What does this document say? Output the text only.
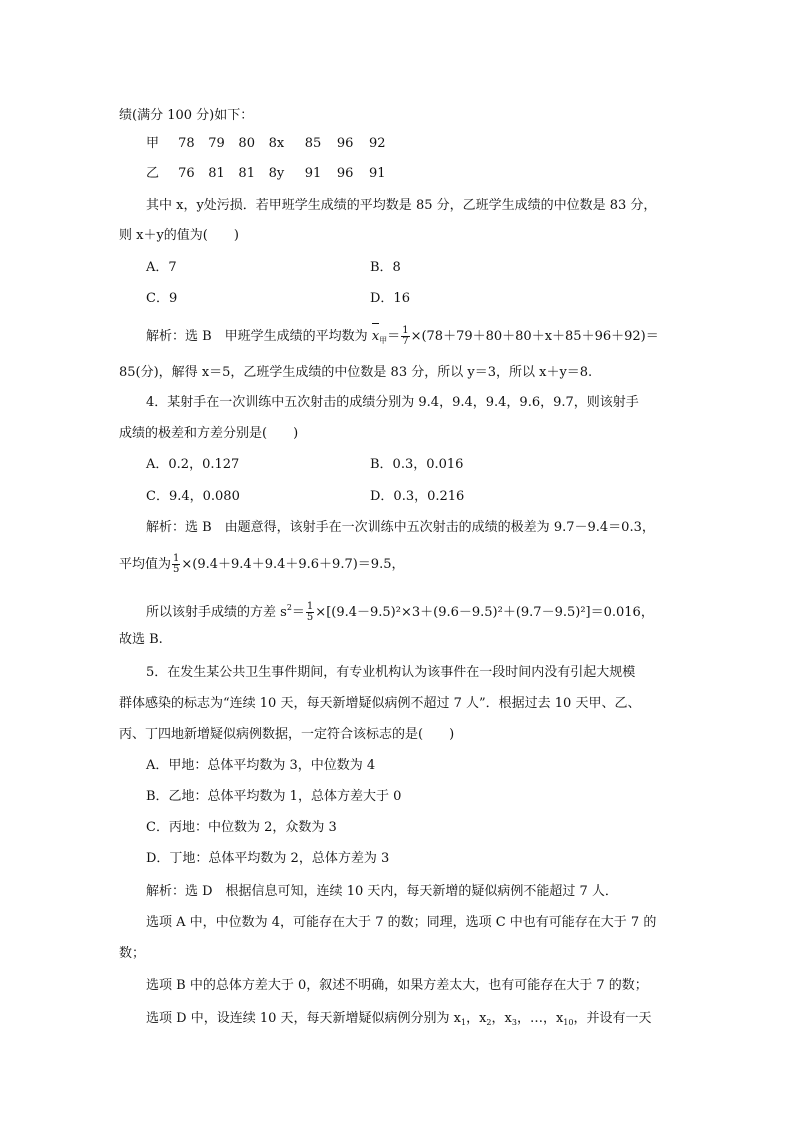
绩(满分 100 分)如下：
甲 78 79 80 8x 85 96 92
乙 76 81 81 8y 91 96 91
其中 x，y处污损．若甲班学生成绩的平均数是 85 分，乙班学生成绩的中位数是 83 分，
则 x＋y的值为(　　)
A．7	B．8
C．9	D．16
解析：选 B　甲班学生成绩的平均数为 $x_甲= \frac{1}{7} \times(78+79+80+80+x+85+96+92)=$
85(分)，解得 x＝5，乙班学生成绩的中位数是 83 分，所以 y＝3，所以 x＋y＝8.
4．某射手在一次训练中五次射击的成绩分别为 9.4，9.4，9.4，9.6，9.7，则该射手
成绩的极差和方差分别是(　　)
A．0.2，0.127	B．0.3，0.016
C．9.4，0.080	D．0.3，0.216
解析：选 B　由题意得，该射手在一次训练中五次射击的成绩的极差为 9.7－9.4＝0.3，
平均值为 $\frac{1}{5} \times(9.4+9.4+9.4+9.6+9.7)=9.5$，
所以该射手成绩的方差 $s^2= \frac{1}{5} \times[(9.4-9.5)^2\times 3+(9.6-9.5)^2+(9.7-9.5)^2]=0.016$，
故选 B.
5．在发生某公共卫生事件期间，有专业机构认为该事件在一段时间内没有引起大规模
群体感染的标志为“连续 10 天，每天新增疑似病例不超过 7 人”．根据过去 10 天甲、乙、
丙、丁四地新增疑似病例数据，一定符合该标志的是(　　)
A．甲地：总体平均数为 3，中位数为 4
B．乙地：总体平均数为 1，总体方差大于 0
C．丙地：中位数为 2，众数为 3
D．丁地：总体平均数为 2，总体方差为 3
解析：选 D　根据信息可知，连续 10 天内，每天新增的疑似病例不能超过 7 人．
选项 A 中，中位数为 4，可能存在大于 7 的数；同理，选项 C 中也有可能存在大于 7 的
数；
选项 B 中的总体方差大于 0，叙述不明确，如果方差太大，也有可能存在大于 7 的数；
选项 D 中，设连续 10 天，每天新增疑似病例分别为 $x_1$，$x_2$，$x_3$，…，$x_{10}$，并设有一天
